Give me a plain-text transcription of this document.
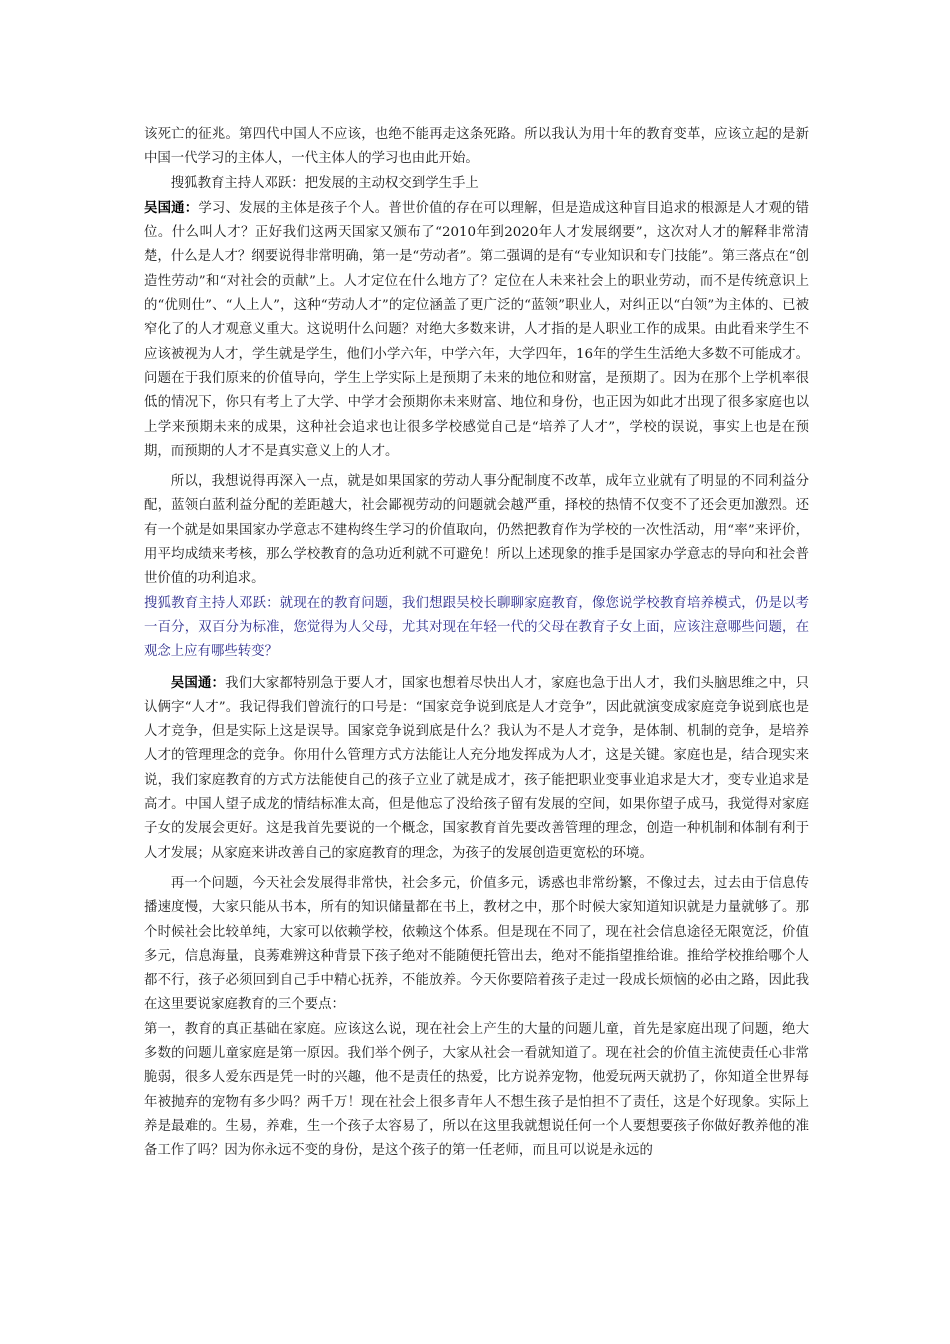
该死亡的征兆。第四代中国人不应该，也绝不能再走这条死路。所以我认为用十年的教育变革，应该立起的是新中国一代学习的主体人，一代主体人的学习也由此开始。

搜狐教育主持人邓跃：把发展的主动权交到学生手上

吴国通：学习、发展的主体是孩子个人。普世价值的存在可以理解，但是造成这种盲目追求的根源是人才观的错位。什么叫人才？正好我们这两天国家又颁布了“2010年到2020年人才发展纲要”，这次对人才的解释非常清楚，什么是人才？纲要说得非常明确，第一是“劳动者”。第二强调的是有“专业知识和专门技能”。第三落点在“创造性劳动”和“对社会的贡献”上。人才定位在什么地方了？定位在人未来社会上的职业劳动，而不是传统意识上的“优则仕”、“人上人”，这种“劳动人才”的定位涵盖了更广泛的“蓝领”职业人，对纠正以“白领”为主体的、已被窄化了的人才观意义重大。这说明什么问题？对绝大多数来讲，人才指的是人职业工作的成果。由此看来学生不应该被视为人才，学生就是学生，他们小学六年，中学六年，大学四年，16年的学生生活绝大多数不可能成才。问题在于我们原来的价值导向，学生上学实际上是预期了未来的地位和财富，是预期了。因为在那个上学机率很低的情况下，你只有考上了大学、中学才会预期你未来财富、地位和身份，也正因为如此才出现了很多家庭也以上学来预期未来的成果，这种社会追求也让很多学校感觉自己是“培养了人才”，学校的误说，事实上也是在预期，而预期的人才不是真实意义上的人才。

所以，我想说得再深入一点，就是如果国家的劳动人事分配制度不改革，成年立业就有了明显的不同利益分配，蓝领白蓝利益分配的差距越大，社会鄙视劳动的问题就会越严重，择校的热情不仅变不了还会更加激烈。还有一个就是如果国家办学意志不建构终生学习的价值取向，仍然把教育作为学校的一次性活动，用“率”来评价，用平均成绩来考核，那么学校教育的急功近利就不可避免！所以上述现象的推手是国家办学意志的导向和社会普世价值的功利追求。

搜狐教育主持人邓跃：就现在的教育问题，我们想跟吴校长聊聊家庭教育，像您说学校教育培养模式，仍是以考一百分，双百分为标准，您觉得为人父母，尤其对现在年轻一代的父母在教育子女上面，应该注意哪些问题，在观念上应有哪些转变？

吴国通：我们大家都特别急于要人才，国家也想着尽快出人才，家庭也急于出人才，我们头脑思维之中，只认俩字“人才”。我记得我们曾流行的口号是：“国家竞争说到底是人才竞争”，因此就演变成家庭竞争说到底也是人才竞争，但是实际上这是误导。国家竞争说到底是什么？我认为不是人才竞争，是体制、机制的竞争，是培养人才的管理理念的竞争。你用什么管理方式方法能让人充分地发挥成为人才，这是关键。家庭也是，结合现实来说，我们家庭教育的方式方法能使自己的孩子立业了就是成才，孩子能把职业变事业追求是大才，变专业追求是高才。中国人望子成龙的情结标准太高，但是他忘了没给孩子留有发展的空间，如果你望子成马，我觉得对家庭子女的发展会更好。这是我首先要说的一个概念，国家教育首先要改善管理的理念，创造一种机制和体制有利于人才发展；从家庭来讲改善自己的家庭教育的理念，为孩子的发展创造更宽松的环境。

再一个问题，今天社会发展得非常快，社会多元，价值多元，诱惑也非常纷繁，不像过去，过去由于信息传播速度慢，大家只能从书本，所有的知识储量都在书上，教材之中，那个时候大家知道知识就是力量就够了。那个时候社会比较单纯，大家可以依赖学校，依赖这个体系。但是现在不同了，现在社会信息途径无限宽泛，价值多元，信息海量，良莠难辨这种背景下孩子绝对不能随便托管出去，绝对不能指望推给谁。推给学校推给哪个人都不行，孩子必须回到自己手中精心抚养，不能放养。今天你要陪着孩子走过一段成长烦恼的必由之路，因此我在这里要说家庭教育的三个要点：

第一，教育的真正基础在家庭。应该这么说，现在社会上产生的大量的问题儿童，首先是家庭出现了问题，绝大多数的问题儿童家庭是第一原因。我们举个例子，大家从社会一看就知道了。现在社会的价值主流使责任心非常脆弱，很多人爱东西是凭一时的兴趣，他不是责任的热爱，比方说养宠物，他爱玩两天就扔了，你知道全世界每年被抛弃的宠物有多少吗？两千万！现在社会上很多青年人不想生孩子是怕担不了责任，这是个好现象。实际上养是最难的。生易，养难，生一个孩子太容易了，所以在这里我就想说任何一个人要想要孩子你做好教养他的准备工作了吗？因为你永远不变的身份，是这个孩子的第一任老师，而且可以说是永远的
